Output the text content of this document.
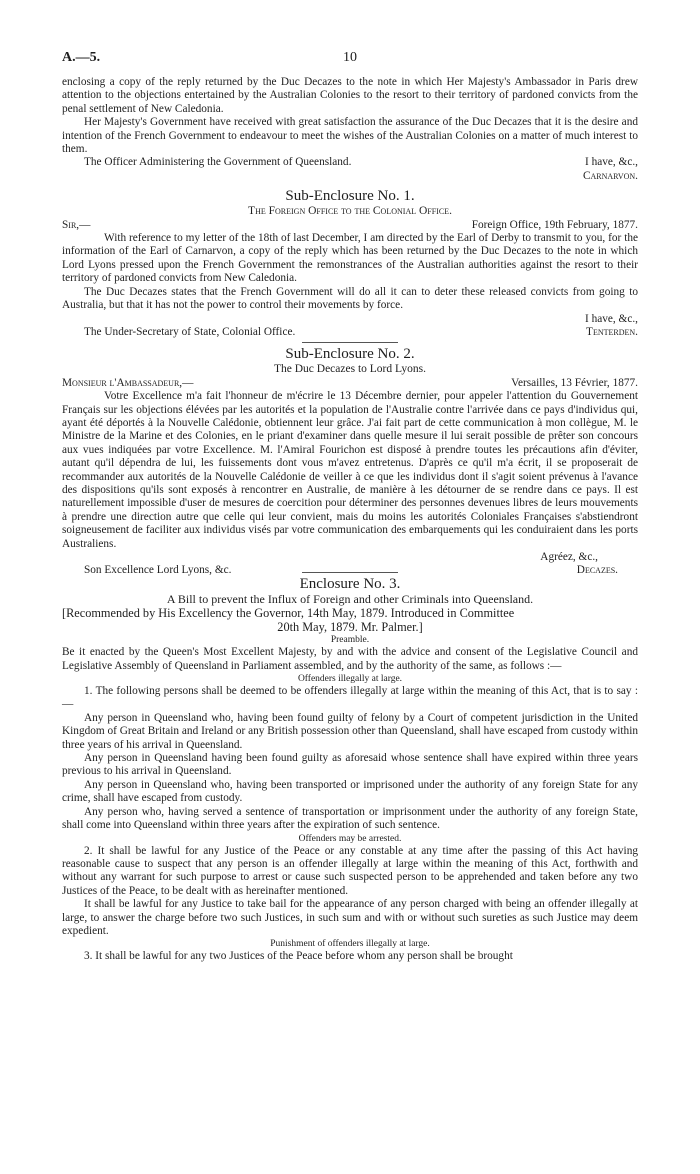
A.—5.	10

enclosing a copy of the reply returned by the Duc Decazes to the note in which Her Majesty's Ambassador in Paris drew attention to the objections entertained by the Australian Colonies to the resort to their territory of pardoned convicts from the penal settlement of New Caledonia.

Her Majesty's Government have received with great satisfaction the assurance of the Duc Decazes that it is the desire and intention of the French Government to endeavour to meet the wishes of the Australian Colonies on a matter of much interest to them.

The Officer Administering the Government of Queensland.	I have, &c.,
Carnarvon.
Sub-Enclosure No. 1.
The Foreign Office to the Colonial Office.
Sir,—	Foreign Office, 19th February, 1877.

With reference to my letter of the 18th of last December, I am directed by the Earl of Derby to transmit to you, for the information of the Earl of Carnarvon, a copy of the reply which has been returned by the Duc Decazes to the note in which Lord Lyons pressed upon the French Government the remonstrances of the Australian authorities against the resort to their territory of pardoned convicts from New Caledonia.

The Duc Decazes states that the French Government will do all it can to deter these released convicts from going to Australia, but that it has not the power to control their movements by force.

I have, &c.,
The Under-Secretary of State, Colonial Office.	Tenterden.
Sub-Enclosure No. 2.
The Duc Decazes to Lord Lyons.
Monsieur l'Ambassadeur,—	Versailles, 13 Février, 1877.

Votre Excellence m'a fait l'honneur de m'écrire le 13 Décembre dernier, pour appeler l'attention du Gouvernement Français sur les objections élévées par les autorités et la population de l'Australie contre l'arrivée dans ce pays d'individus qui, ayant été déportés à la Nouvelle Calédonie, obtiennent leur grâce. J'ai fait part de cette communication à mon collègue, M. le Ministre de la Marine et des Colonies, en le priant d'examiner dans quelle mesure il lui serait possible de prêter son concours aux vues indiquées par votre Excellence. M. l'Amiral Fourichon est disposé à prendre toutes les précautions afin d'éviter, autant qu'il dépendra de lui, les fuissements dont vous m'avez entretenus. D'après ce qu'il m'a écrit, il se proposerait de recommander aux autorités de la Nouvelle Calédonie de veiller à ce que les individus dont il s'agit soient prévenus à l'avance des dispositions qu'ils sont exposés à rencontrer en Australie, de manière à les détourner de se rendre dans ce pays. Il est naturellement impossible d'user de mesures de coercition pour déterminer des personnes devenues libres de leurs mouvements à prendre une direction autre que celle qui leur convient, mais du moins les autorités Coloniales Françaises s'abstiendront soigneusement de faciliter aux individus visés par votre communication des embarquements qui les conduiraient dans les ports Australiens.

Agréez, &c.,
Son Excellence Lord Lyons, &c.	Decazes.
Enclosure No. 3.
A Bill to prevent the Influx of Foreign and other Criminals into Queensland.

[Recommended by His Excellency the Governor, 14th May, 1879. Introduced in Committee

20th May, 1879. Mr. Palmer.]
Preamble.

Be it enacted by the Queen's Most Excellent Majesty, by and with the advice and consent of the Legislative Council and Legislative Assembly of Queensland in Parliament assembled, and by the authority of the same, as follows :—

Offenders illegally at large.

1. The following persons shall be deemed to be offenders illegally at large within the meaning of this Act, that is to say :—

Any person in Queensland who, having been found guilty of felony by a Court of competent jurisdiction in the United Kingdom of Great Britain and Ireland or any British possession other than Queensland, shall have escaped from custody within three years of his arrival in Queensland.

Any person in Queensland having been found guilty as aforesaid whose sentence shall have expired within three years previous to his arrival in Queensland.

Any person in Queensland who, having been transported or imprisoned under the authority of any foreign State for any crime, shall have escaped from custody.

Any person who, having served a sentence of transportation or imprisonment under the authority of any foreign State, shall come into Queensland within three years after the expiration of such sentence.

Offenders may be arrested.

2. It shall be lawful for any Justice of the Peace or any constable at any time after the passing of this Act having reasonable cause to suspect that any person is an offender illegally at large within the meaning of this Act, forthwith and without any warrant for such purpose to arrest or cause such suspected person to be apprehended and taken before any two Justices of the Peace, to be dealt with as hereinafter mentioned.

It shall be lawful for any Justice to take bail for the appearance of any person charged with being an offender illegally at large, to answer the charge before two such Justices, in such sum and with or without such sureties as such Justice may deem expedient.

Punishment of offenders illegally at large.

3. It shall be lawful for any two Justices of the Peace before whom any person shall be brought
